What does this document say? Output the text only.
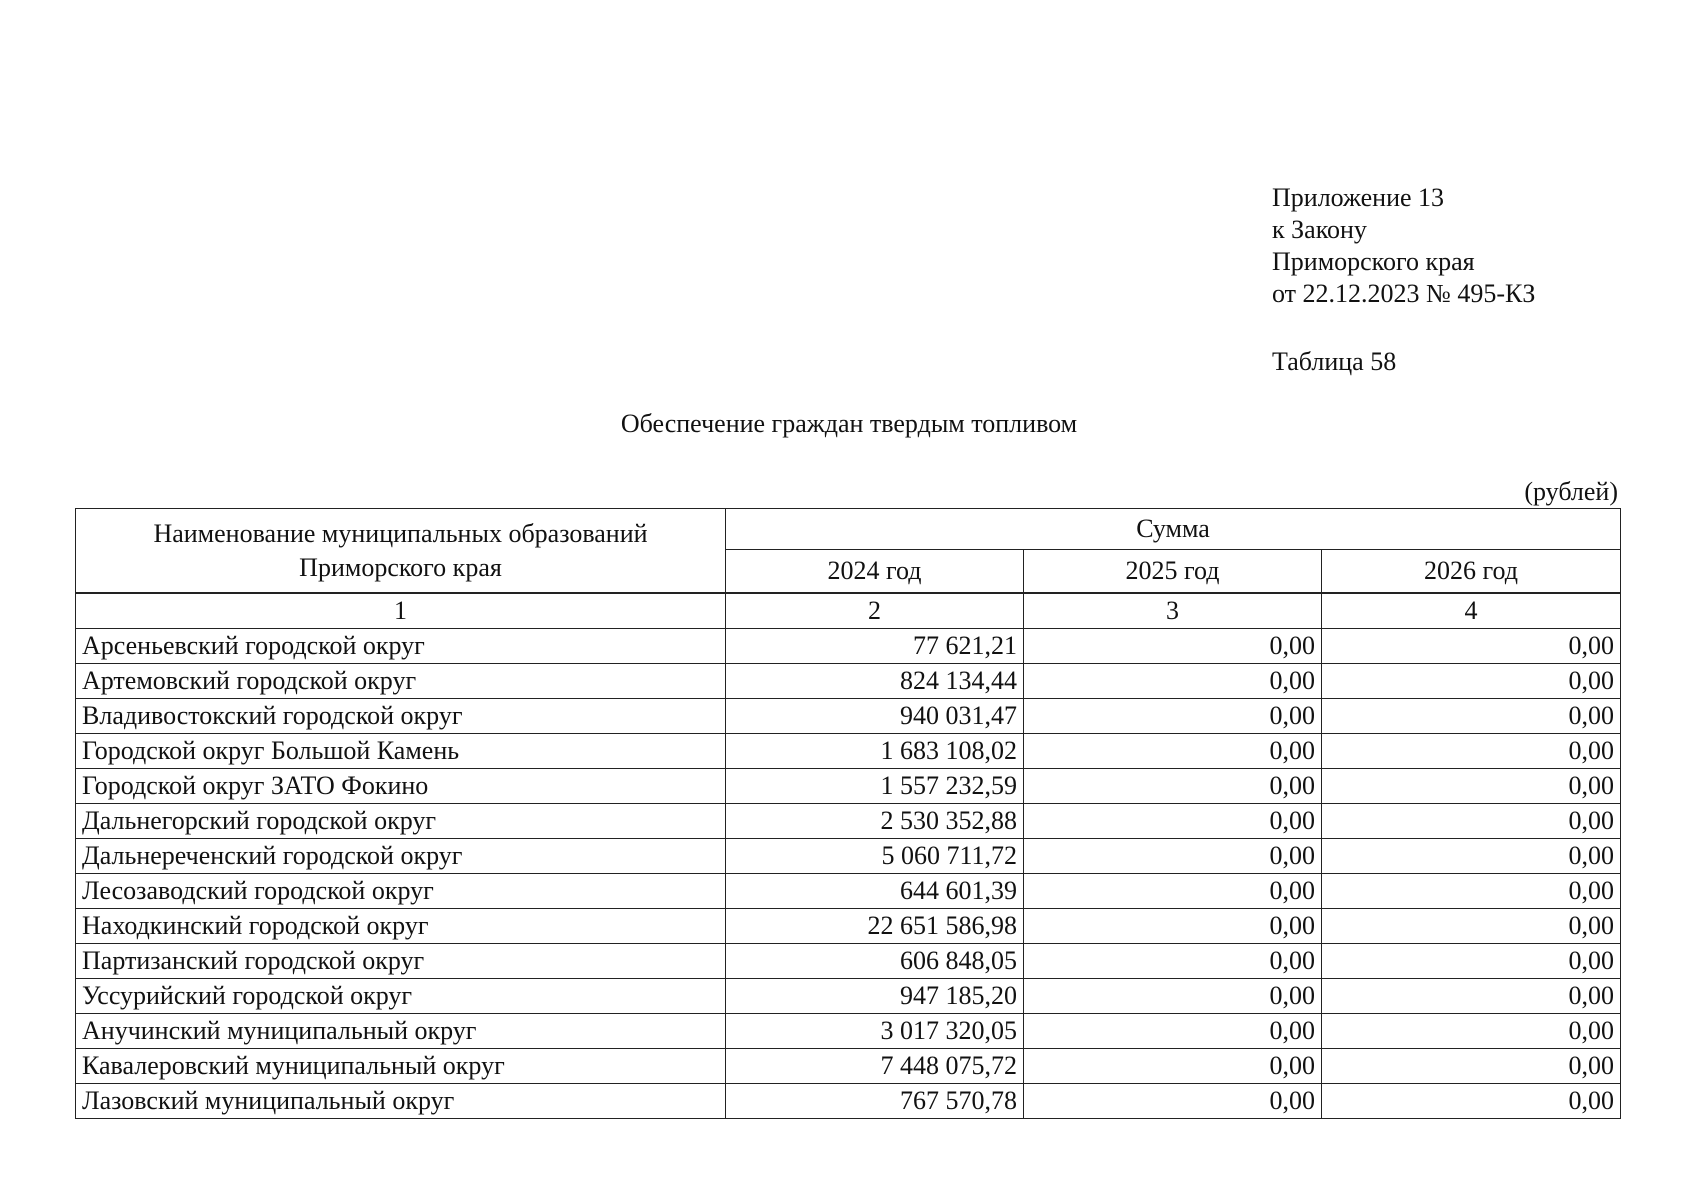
Приложение 13
к Закону
Приморского края
от 22.12.2023 № 495-КЗ
Таблица 58
Обеспечение граждан твердым топливом
(рублей)
Наименование муниципальных образований Приморского края	Сумма		
	2024 год	2025 год	2026 год
1	2	3	4
Арсеньевский городской округ	77 621,21	0,00	0,00
Артемовский городской округ	824 134,44	0,00	0,00
Владивостокский городской округ	940 031,47	0,00	0,00
Городской округ Большой Камень	1 683 108,02	0,00	0,00
Городской округ ЗАТО Фокино	1 557 232,59	0,00	0,00
Дальнегорский городской округ	2 530 352,88	0,00	0,00
Дальнереченский городской округ	5 060 711,72	0,00	0,00
Лесозаводский городской округ	644 601,39	0,00	0,00
Находкинский городской округ	22 651 586,98	0,00	0,00
Партизанский городской округ	606 848,05	0,00	0,00
Уссурийский городской округ	947 185,20	0,00	0,00
Анучинский муниципальный округ	3 017 320,05	0,00	0,00
Кавалеровский муниципальный округ	7 448 075,72	0,00	0,00
Лазовский муниципальный округ	767 570,78	0,00	0,00
